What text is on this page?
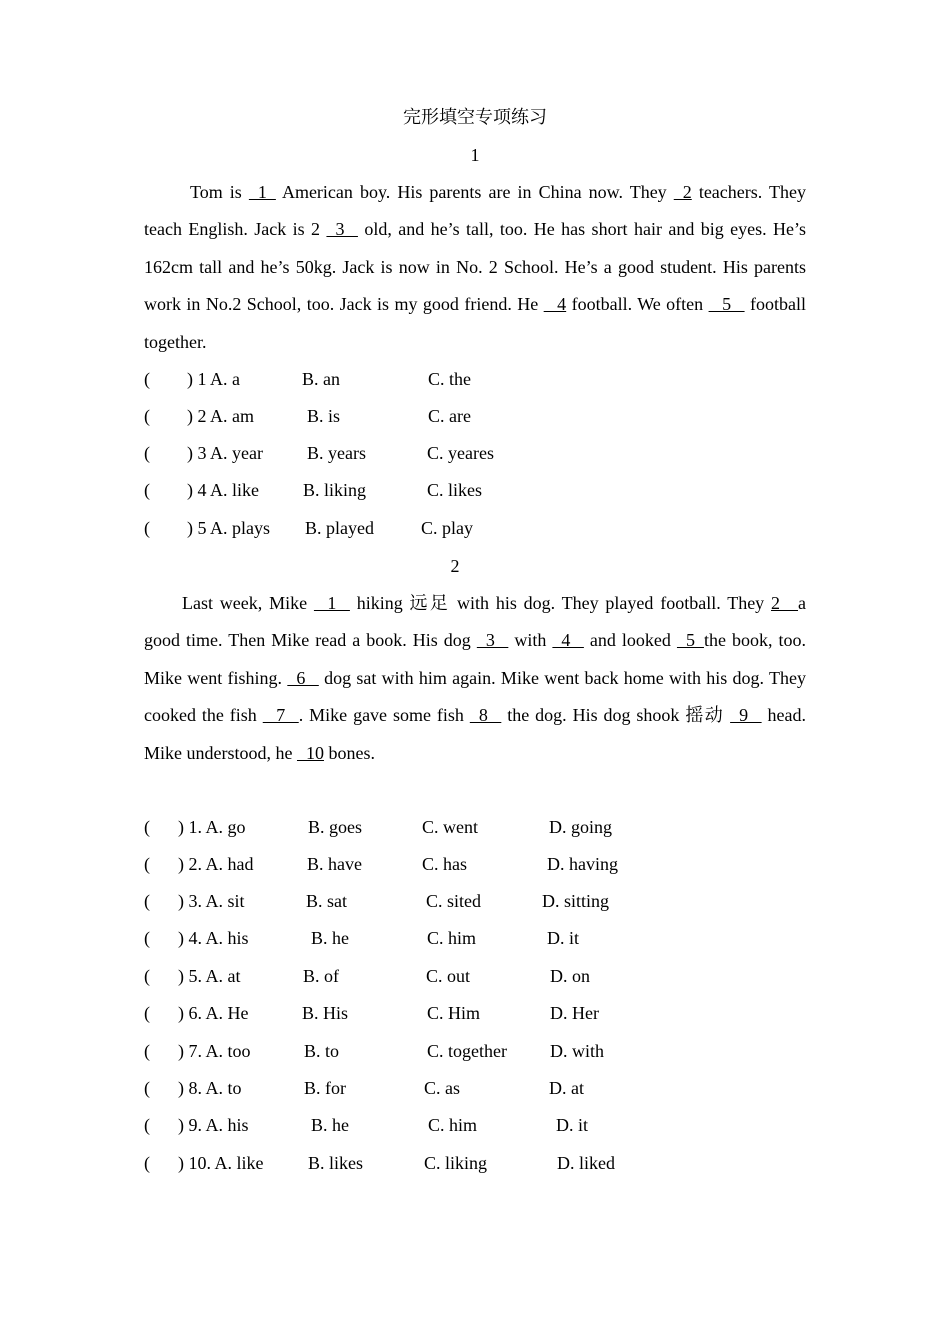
完形填空专项练习
1

Tom is   1   American boy. His parents are in China now. They   2 teachers. They teach English. Jack is 2   3    old, and he’s tall, too. He has short hair and big eyes. He’s 162cm tall and he’s 50kg. Jack is now in No. 2 School. He’s a good student. His parents work in No.2 School, too. Jack is my good friend. He    4 football. We often    5    football together.

( ) 1 A. a	B. an	C. the
( ) 2 A. am	B. is	C. are
( ) 3 A. year B. years	C. yeares
( ) 4 A. like B. liking	C. likes
( ) 5 A. plays B. played	C. play
2

Last week, Mike    1    hiking 远足 with his dog. They played football. They 2    a good time. Then Mike read a book. His dog   3    with   4    and looked   5  the book, too. Mike went fishing.   6    dog sat with him again. Mike went back home with his dog. They cooked the fish    7   . Mike gave some fish   8    the dog. His dog shook 摇动   9    head. Mike understood, he   10 bones.

( ) 1. A. go	B. goes	C. went	D. going
( ) 2. A. had	B. have	C. has	D. having
( ) 3. A. sit	B. sat	C. sited	D. sitting
( ) 4. A. his	B. he	C. him	D. it
( ) 5. A. at	B. of	C. out	D. on
( ) 6. A. He	B. His	C. Him	D. Her
( ) 7. A. too	B. to	C. together D. with
( ) 8. A. to	B. for	C. as	D. at
( ) 9. A. his	B. he	C. him	D. it
( ) 10. A. like B. likes	C. liking	D. liked
